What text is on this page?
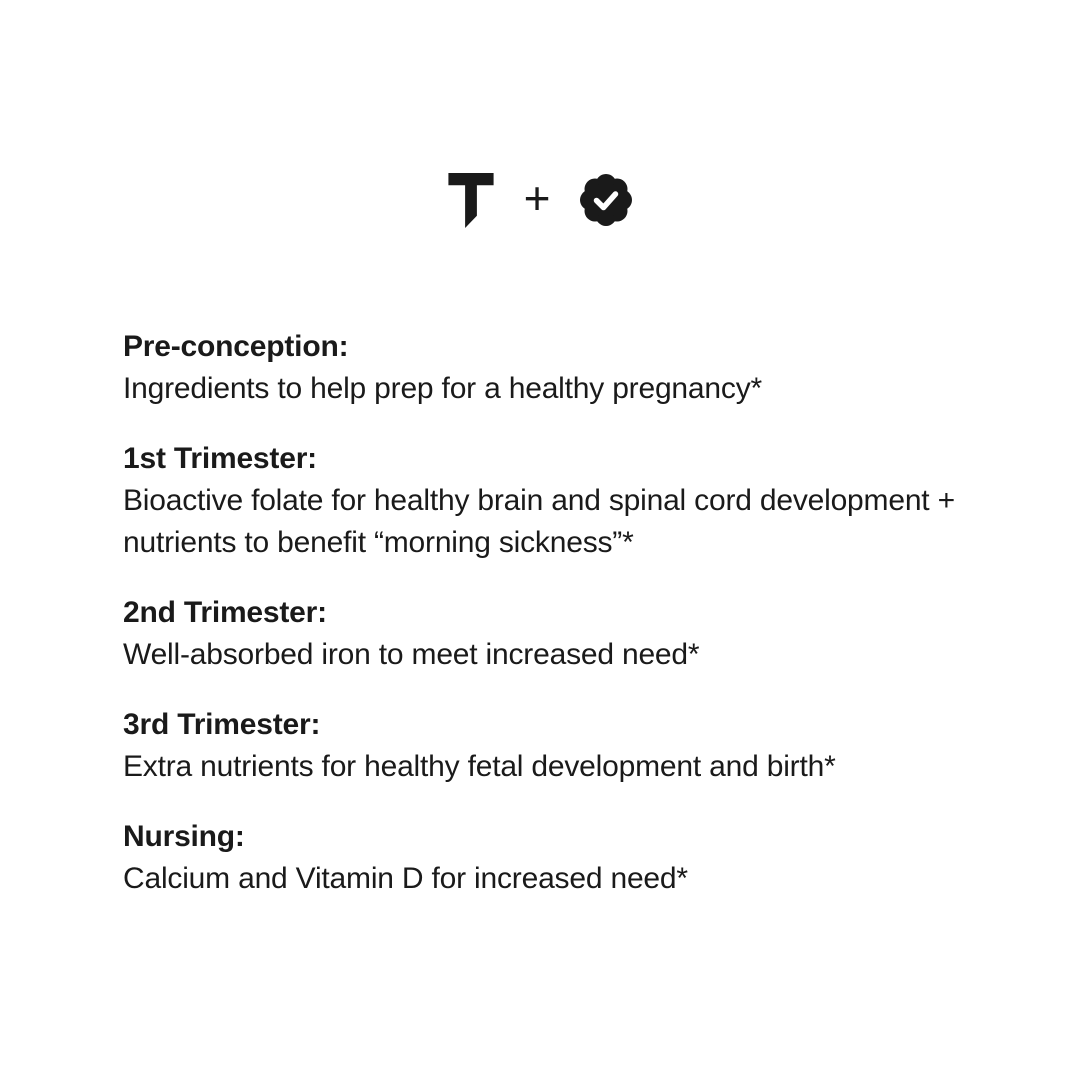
+
Pre-conception:
Ingredients to help prep for a healthy pregnancy*
1st Trimester:
Bioactive folate for healthy brain and spinal cord development + nutrients to benefit “morning sickness”*
2nd Trimester:
Well-absorbed iron to meet increased need*
3rd Trimester:
Extra nutrients for healthy fetal development and birth*
Nursing:
Calcium and Vitamin D for increased need*
